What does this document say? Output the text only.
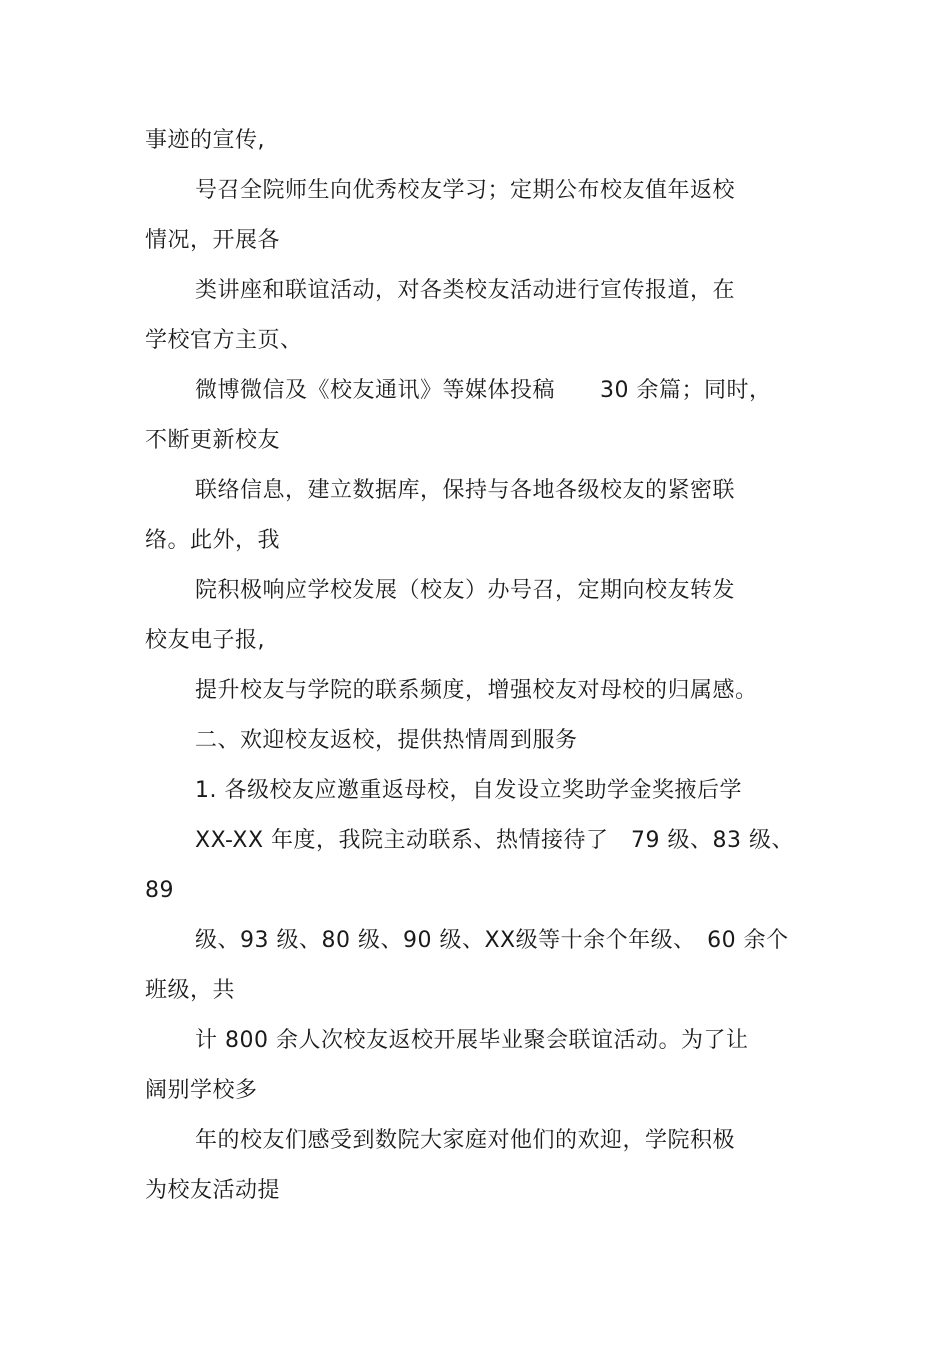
事迹的宣传,
号召全院师生向优秀校友学习；定期公布校友值年返校
情况，开展各
类讲座和联谊活动，对各类校友活动进行宣传报道，在
学校官方主页、
微博微信及《校友通讯》等媒体投稿　　30 余篇；同时，
不断更新校友
联络信息，建立数据库，保持与各地各级校友的紧密联
络。此外，我
院积极响应学校发展（校友）办号召，定期向校友转发
校友电子报,
提升校友与学院的联系频度，增强校友对母校的归属感。
二、欢迎校友返校，提供热情周到服务
1. 各级校友应邀重返母校，自发设立奖助学金奖掖后学
XX-XX 年度，我院主动联系、热情接待了　79 级、83 级、
89
级、93 级、80 级、90 级、XX级等十余个年级、　60 余个
班级，共
计 800 余人次校友返校开展毕业聚会联谊活动。为了让
阔别学校多
年的校友们感受到数院大家庭对他们的欢迎，学院积极
为校友活动提
